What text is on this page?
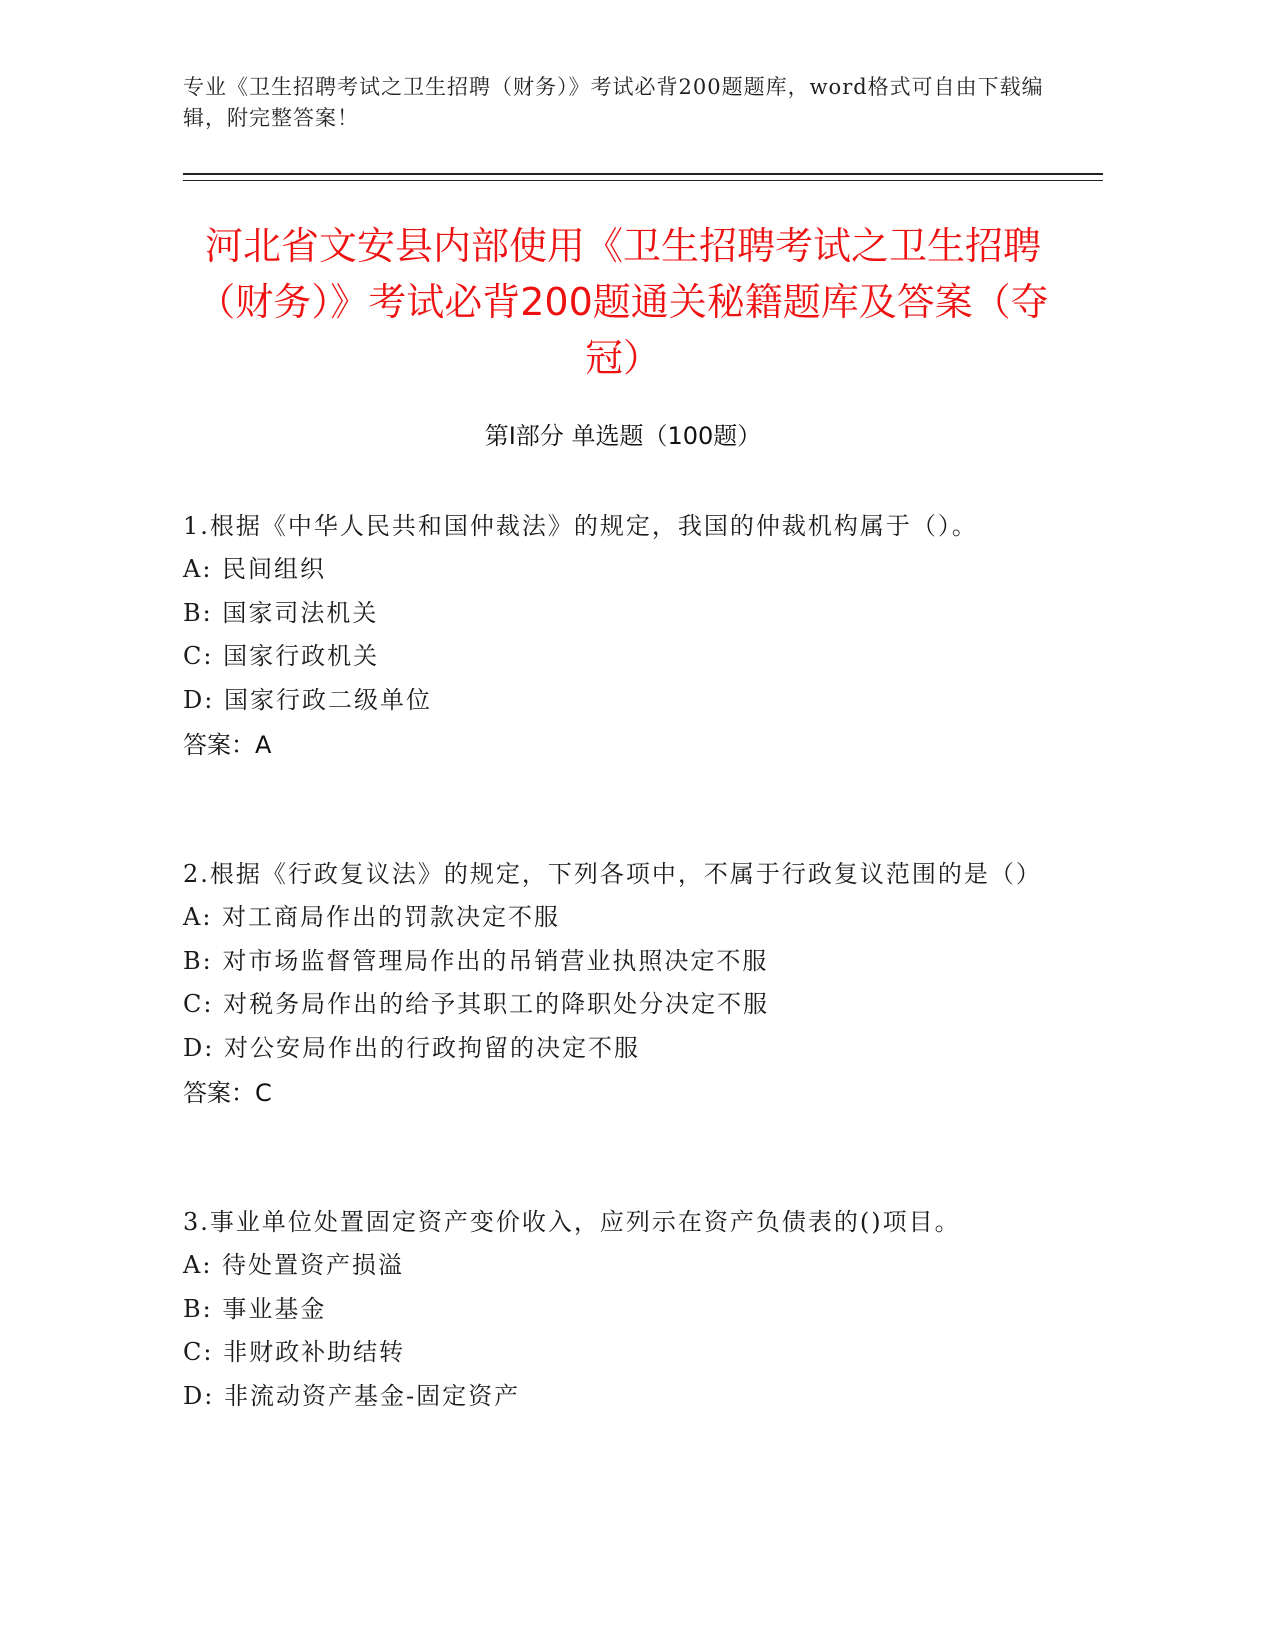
专业《卫生招聘考试之卫生招聘（财务）》考试必背200题题库，word格式可自由下载编辑，附完整答案！
河北省文安县内部使用《卫生招聘考试之卫生招聘（财务）》考试必背200题通关秘籍题库及答案（夺冠）
第Ⅰ部分 单选题（100题）

1.根据《中华人民共和国仲裁法》的规定，我国的仲裁机构属于（）。

A: 民间组织

B: 国家司法机关

C: 国家行政机关

D: 国家行政二级单位

答案：A

2.根据《行政复议法》的规定，下列各项中，不属于行政复议范围的是（）

A: 对工商局作出的罚款决定不服

B: 对市场监督管理局作出的吊销营业执照决定不服

C: 对税务局作出的给予其职工的降职处分决定不服

D: 对公安局作出的行政拘留的决定不服

答案：C

3.事业单位处置固定资产变价收入，应列示在资产负债表的()项目。

A: 待处置资产损溢

B: 事业基金

C: 非财政补助结转

D: 非流动资产基金-固定资产
